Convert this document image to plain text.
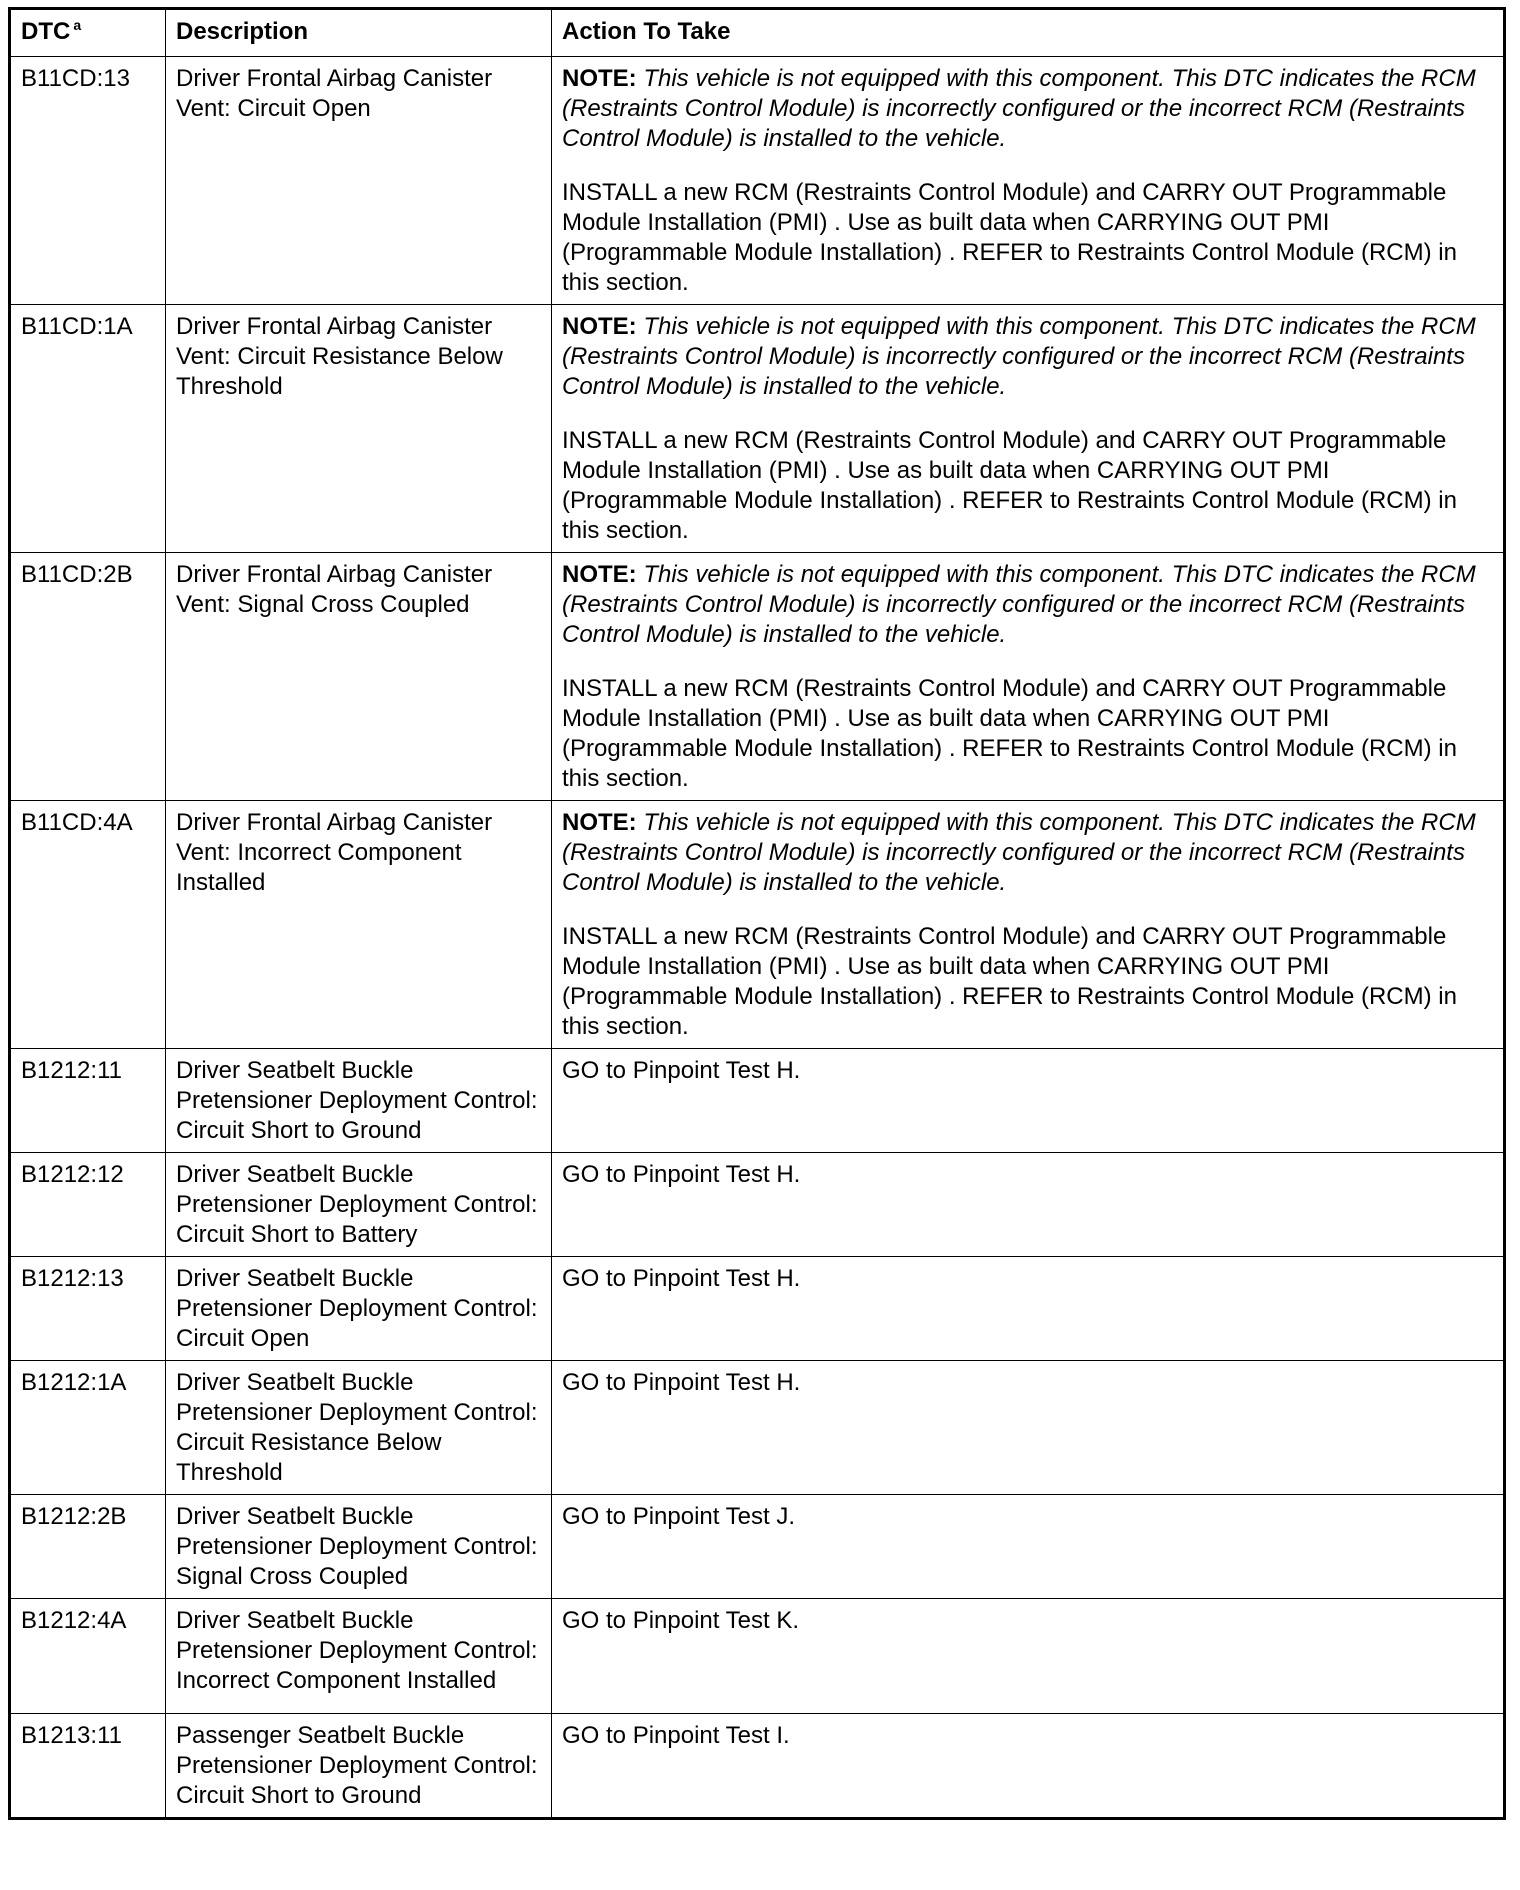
DTC $^a$	Description	Action To Take
B11CD:13	Driver Frontal Airbag Canister Vent: Circuit Open	NOTE: This vehicle is not equipped with this component. This DTC indicates the RCM (Restraints Control Module) is incorrectly configured or the incorrect RCM (Restraints Control Module) is installed to the vehicle.

INSTALL a new RCM (Restraints Control Module) and CARRY OUT Programmable Module Installation (PMI) . Use as built data when CARRYING OUT PMI (Programmable Module Installation) . REFER to Restraints Control Module (RCM) in this section.

B11CD:1A	Driver Frontal Airbag Canister Vent: Circuit Resistance Below Threshold	NOTE: This vehicle is not equipped with this component. This DTC indicates the RCM (Restraints Control Module) is incorrectly configured or the incorrect RCM (Restraints Control Module) is installed to the vehicle.

INSTALL a new RCM (Restraints Control Module) and CARRY OUT Programmable Module Installation (PMI) . Use as built data when CARRYING OUT PMI (Programmable Module Installation) . REFER to Restraints Control Module (RCM) in this section.

B11CD:2B	Driver Frontal Airbag Canister Vent: Signal Cross Coupled	NOTE: This vehicle is not equipped with this component. This DTC indicates the RCM (Restraints Control Module) is incorrectly configured or the incorrect RCM (Restraints Control Module) is installed to the vehicle.

INSTALL a new RCM (Restraints Control Module) and CARRY OUT Programmable Module Installation (PMI) . Use as built data when CARRYING OUT PMI (Programmable Module Installation) . REFER to Restraints Control Module (RCM) in this section.

B11CD:4A	Driver Frontal Airbag Canister Vent: Incorrect Component Installed	NOTE: This vehicle is not equipped with this component. This DTC indicates the RCM (Restraints Control Module) is incorrectly configured or the incorrect RCM (Restraints Control Module) is installed to the vehicle.

INSTALL a new RCM (Restraints Control Module) and CARRY OUT Programmable Module Installation (PMI) . Use as built data when CARRYING OUT PMI (Programmable Module Installation) . REFER to Restraints Control Module (RCM) in this section.

B1212:11	Driver Seatbelt Buckle Pretensioner Deployment Control: Circuit Short to Ground	GO to Pinpoint Test H.
B1212:12	Driver Seatbelt Buckle Pretensioner Deployment Control: Circuit Short to Battery	GO to Pinpoint Test H.
B1212:13	Driver Seatbelt Buckle Pretensioner Deployment Control: Circuit Open	GO to Pinpoint Test H.
B1212:1A	Driver Seatbelt Buckle Pretensioner Deployment Control: Circuit Resistance Below Threshold	GO to Pinpoint Test H.
B1212:2B	Driver Seatbelt Buckle Pretensioner Deployment Control: Signal Cross Coupled	GO to Pinpoint Test J.
B1212:4A	Driver Seatbelt Buckle Pretensioner Deployment Control: Incorrect Component Installed	GO to Pinpoint Test K.
B1213:11	Passenger Seatbelt Buckle Pretensioner Deployment Control: Circuit Short to Ground	GO to Pinpoint Test I.
